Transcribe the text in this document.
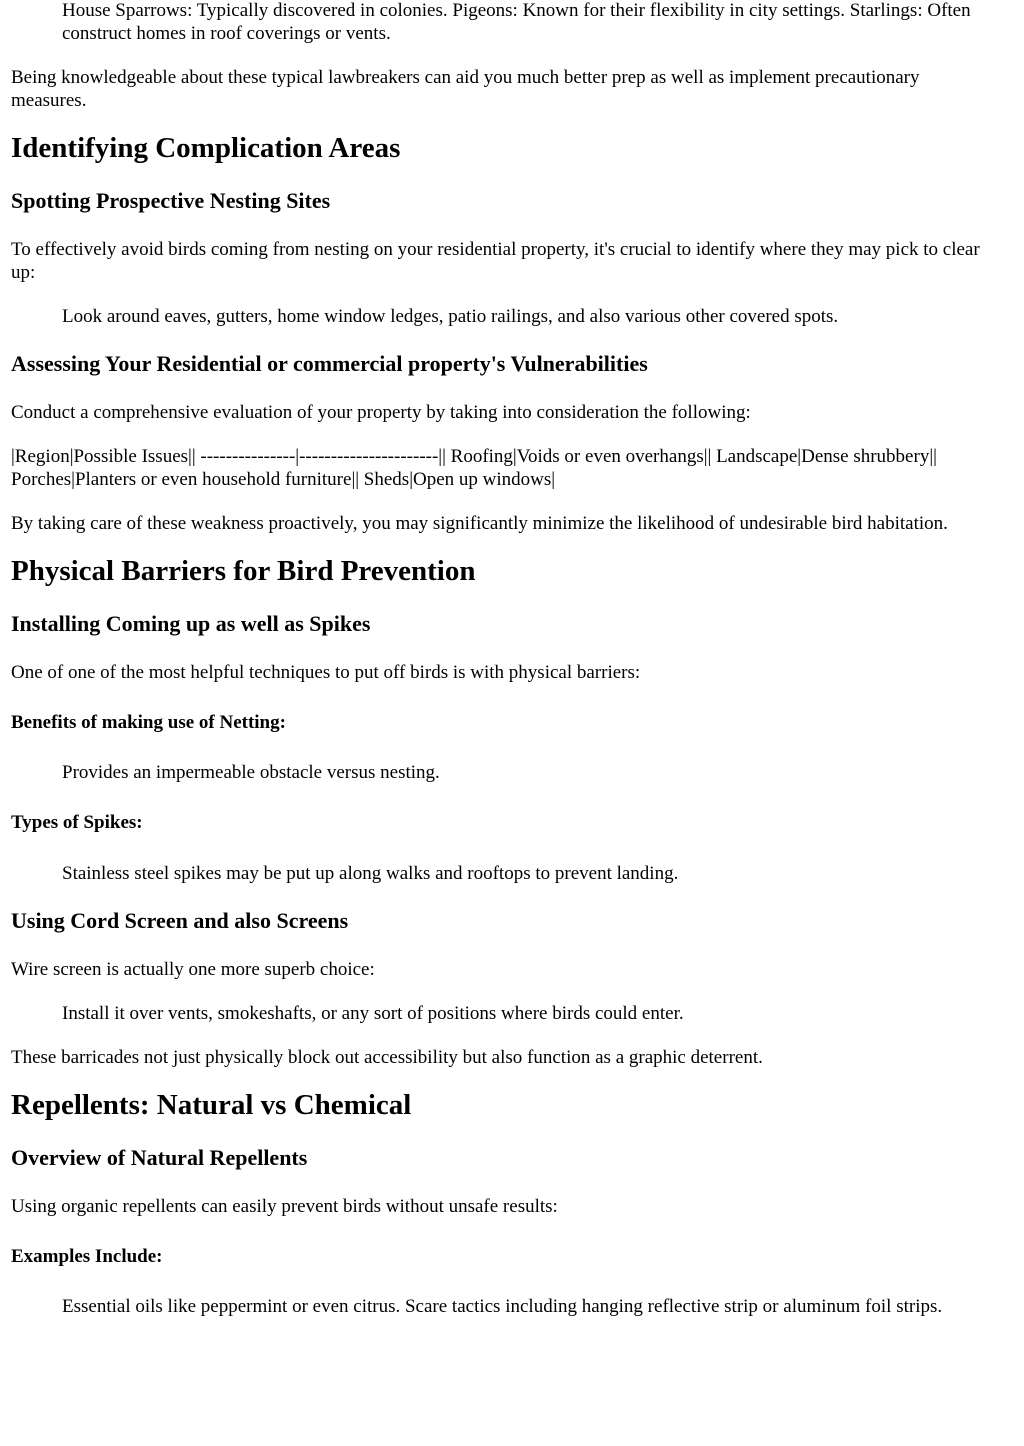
House Sparrows: Typically discovered in colonies. Pigeons: Known for their flexibility in city settings. Starlings: Often construct homes in roof coverings or vents.

Being knowledgeable about these typical lawbreakers can aid you much better prep as well as implement precautionary measures.

Identifying Complication Areas
Spotting Prospective Nesting Sites

To effectively avoid birds coming from nesting on your residential property, it's crucial to identify where they may pick to clear up:

Look around eaves, gutters, home window ledges, patio railings, and also various other covered spots.
Assessing Your Residential or commercial property's Vulnerabilities

Conduct a comprehensive evaluation of your property by taking into consideration the following:

|Region|Possible Issues|| ---------------|----------------------|| Roofing|Voids or even overhangs|| Landscape|Dense shrubbery|| Porches|Planters or even household furniture|| Sheds|Open up windows|

By taking care of these weakness proactively, you may significantly minimize the likelihood of undesirable bird habitation.

Physical Barriers for Bird Prevention
Installing Coming up as well as Spikes

One of one of the most helpful techniques to put off birds is with physical barriers:

Benefits of making use of Netting:
Provides an impermeable obstacle versus nesting.
Types of Spikes:
Stainless steel spikes may be put up along walks and rooftops to prevent landing.
Using Cord Screen and also Screens

Wire screen is actually one more superb choice:

Install it over vents, smokeshafts, or any sort of positions where birds could enter.

These barricades not just physically block out accessibility but also function as a graphic deterrent.

Repellents: Natural vs Chemical
Overview of Natural Repellents

Using organic repellents can easily prevent birds without unsafe results:

Examples Include:
Essential oils like peppermint or even citrus. Scare tactics including hanging reflective strip or aluminum foil strips.
